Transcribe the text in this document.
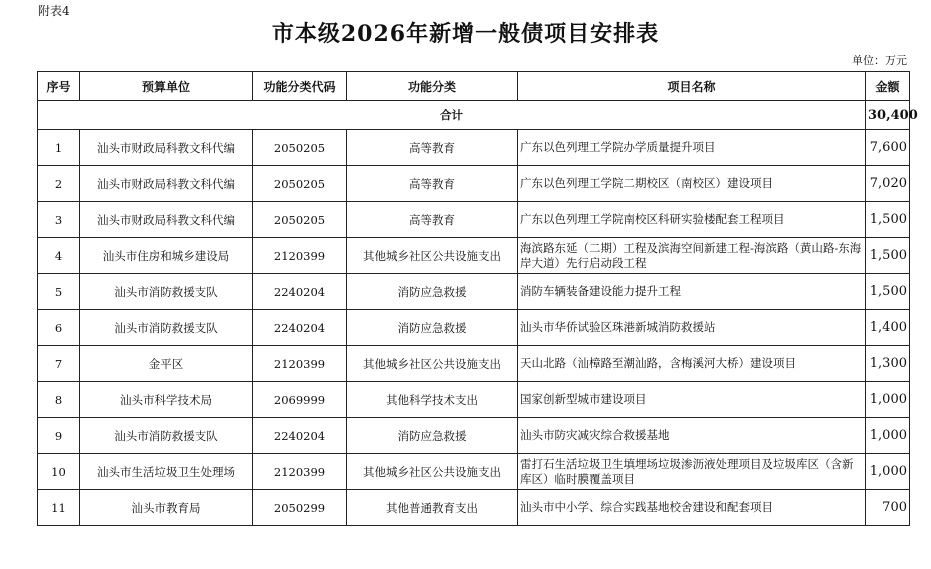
附表4
市本级2026年新增一般债项目安排表
单位：万元
序号	预算单位	功能分类代码	功能分类	项目名称	金额
合计					30,400
1	汕头市财政局科教文科代编	2050205	高等教育	广东以色列理工学院办学质量提升项目	7,600
2	汕头市财政局科教文科代编	2050205	高等教育	广东以色列理工学院二期校区（南校区）建设项目	7,020
3	汕头市财政局科教文科代编	2050205	高等教育	广东以色列理工学院南校区科研实验楼配套工程项目	1,500
4	汕头市住房和城乡建设局	2120399	其他城乡社区公共设施支出	海滨路东延（二期）工程及滨海空间新建工程-海滨路（黄山路-东海岸大道）先行启动段工程	1,500
5	汕头市消防救援支队	2240204	消防应急救援	消防车辆装备建设能力提升工程	1,500
6	汕头市消防救援支队	2240204	消防应急救援	汕头市华侨试验区珠港新城消防救援站	1,400
7	金平区	2120399	其他城乡社区公共设施支出	天山北路（汕樟路至潮汕路，含梅溪河大桥）建设项目	1,300
8	汕头市科学技术局	2069999	其他科学技术支出	国家创新型城市建设项目	1,000
9	汕头市消防救援支队	2240204	消防应急救援	汕头市防灾减灾综合救援基地	1,000
10	汕头市生活垃圾卫生处理场	2120399	其他城乡社区公共设施支出	雷打石生活垃圾卫生填埋场垃圾渗沥液处理项目及垃圾库区（含新库区）临时膜覆盖项目	1,000
11	汕头市教育局	2050299	其他普通教育支出	汕头市中小学、综合实践基地校舍建设和配套项目	700
